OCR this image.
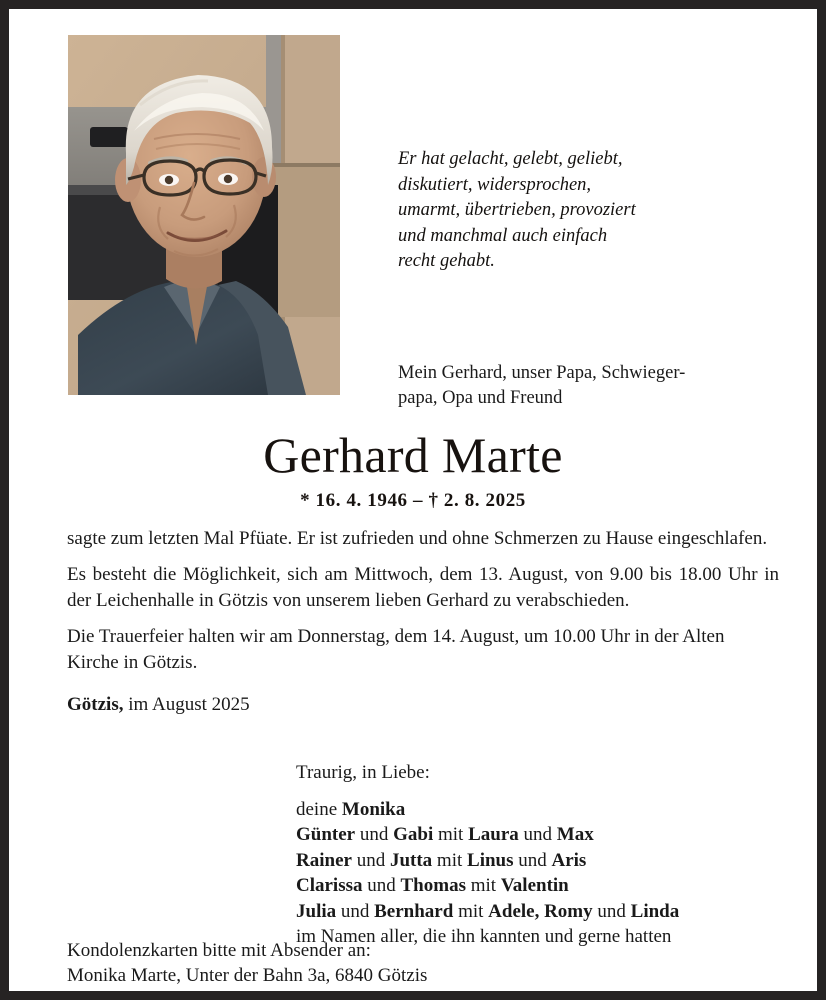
Er hat gelacht, gelebt, geliebt,
diskutiert, widersprochen,
umarmt, übertrieben, provoziert
und manchmal auch einfach
recht gehabt.
Mein Gerhard, unser Papa, Schwieger-
papa, Opa und Freund
Gerhard Marte
* 16. 4. 1946 – † 2. 8. 2025

sagte zum letzten Mal Pfüate. Er ist zufrieden und ohne Schmerzen zu Hause eingeschlafen.

Es besteht die Möglichkeit, sich am Mittwoch, dem 13. August, von 9.00 bis 18.00 Uhr in der Leichenhalle in Götzis von unserem lieben Gerhard zu verabschieden.

Die Trauerfeier halten wir am Donnerstag, dem 14. August, um 10.00 Uhr in der Alten Kirche in Götzis.

Götzis, im August 2025

Traurig, in Liebe:
deine Monika
Günter und Gabi mit Laura und Max
Rainer und Jutta mit Linus und Aris
Clarissa und Thomas mit Valentin
Julia und Bernhard mit Adele, Romy und Linda
im Namen aller, die ihn kannten und gerne hatten
Kondolenzkarten bitte mit Absender an:
Monika Marte, Unter der Bahn 3a, 6840 Götzis
